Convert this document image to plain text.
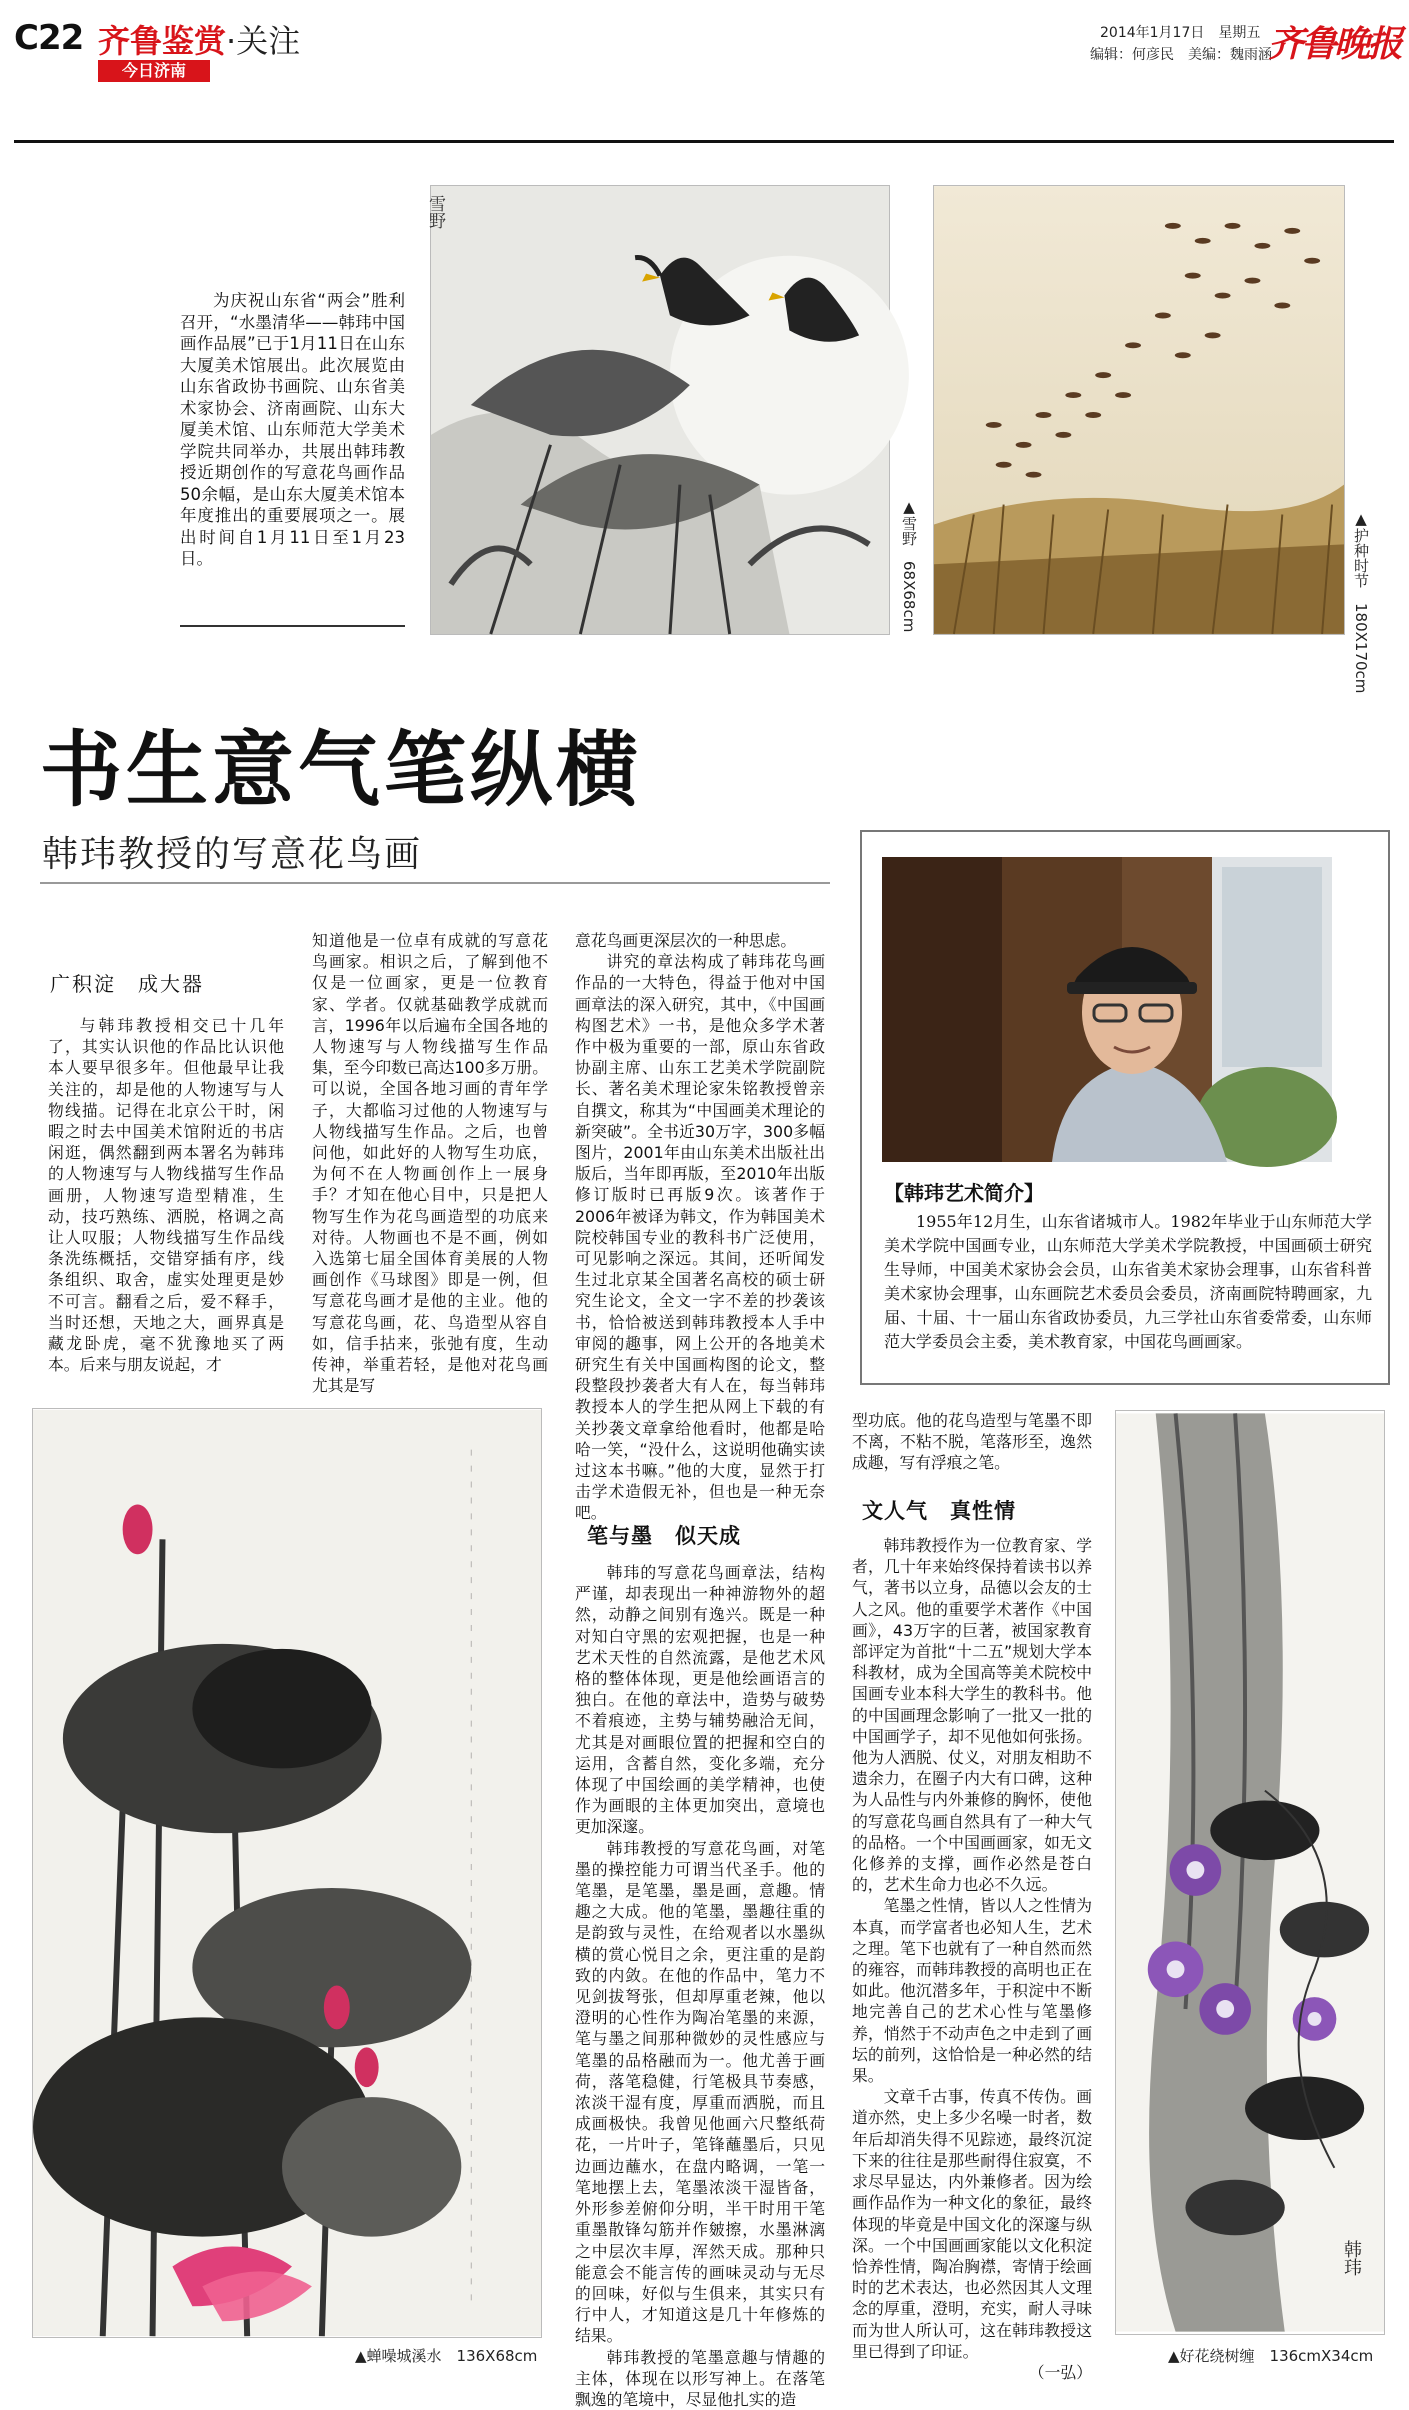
C22 齐鲁鉴赏·关注
今日济南
2014年1月17日　星期五
编辑：何彦民　美编：魏雨涵
齐鲁晚报
为庆祝山东省“两会”胜利召开，“水墨清华——韩玮中国画作品展”已于1月11日在山东大厦美术馆展出。此次展览由山东省政协书画院、山东省美术家协会、济南画院、山东大厦美术馆、山东师范大学美术学院共同举办，共展出韩玮教授近期创作的写意花鸟画作品50余幅，是山东大厦美术馆本年度推出的重要展项之一。展出时间自1月11日至1月23日。
雪野
▲雪野　68X68cm	▲护种时节　180X170cm
书生意气笔纵横
韩玮教授的写意花鸟画
【韩玮艺术简介】
1955年12月生，山东省诸城市人。1982年毕业于山东师范大学美术学院中国画专业，山东师范大学美术学院教授，中国画硕士研究生导师，中国美术家协会会员，山东省美术家协会理事，山东省科普美术家协会理事，山东画院艺术委员会委员，济南画院特聘画家，九届、十届、十一届山东省政协委员，九三学社山东省委常委，山东师范大学委员会主委，美术教育家，中国花鸟画画家。
广积淀　成大器

与韩玮教授相交已十几年了，其实认识他的作品比认识他本人要早很多年。但他最早让我关注的，却是他的人物速写与人物线描。记得在北京公干时，闲暇之时去中国美术馆附近的书店闲逛，偶然翻到两本署名为韩玮的人物速写与人物线描写生作品画册，人物速写造型精准，生动，技巧熟练、洒脱，格调之高让人叹服；人物线描写生作品线条洗练概括，交错穿插有序，线条组织、取舍，虚实处理更是妙不可言。翻看之后，爱不释手，当时还想，天地之大，画界真是藏龙卧虎，毫不犹豫地买了两本。后来与朋友说起，才

知道他是一位卓有成就的写意花鸟画家。相识之后，了解到他不仅是一位画家，更是一位教育家、学者。仅就基础教学成就而言，1996年以后遍布全国各地的人物速写与人物线描写生作品集，至今印数已高达100多万册。可以说，全国各地习画的青年学子，大都临习过他的人物速写与人物线描写生作品。之后，也曾问他，如此好的人物写生功底，为何不在人物画创作上一展身手？才知在他心目中，只是把人物写生作为花鸟画造型的功底来对待。人物画也不是不画，例如入选第七届全国体育美展的人物画创作《马球图》即是一例，但写意花鸟画才是他的主业。他的写意花鸟画，花、鸟造型从容自如，信手拈来，张弛有度，生动传神，举重若轻，是他对花鸟画尤其是写

意花鸟画更深层次的一种思虑。

讲究的章法构成了韩玮花鸟画作品的一大特色，得益于他对中国画章法的深入研究，其中，《中国画构图艺术》一书，是他众多学术著作中极为重要的一部，原山东省政协副主席、山东工艺美术学院副院长、著名美术理论家朱铭教授曾亲自撰文，称其为“中国画美术理论的新突破”。全书近30万字，300多幅图片，2001年由山东美术出版社出版后，当年即再版，至2010年出版修订版时已再版9次。该著作于2006年被译为韩文，作为韩国美术院校韩国专业的教科书广泛使用，可见影响之深远。其间，还听闻发生过北京某全国著名高校的硕士研究生论文，全文一字不差的抄袭该书，恰恰被送到韩玮教授本人手中审阅的趣事，网上公开的各地美术研究生有关中国画构图的论文，整段整段抄袭者大有人在，每当韩玮教授本人的学生把从网上下载的有关抄袭文章拿给他看时，他都是哈哈一笑，“没什么，这说明他确实读过这本书嘛。”他的大度，显然于打击学术造假无补，但也是一种无奈吧。

笔与墨　似天成

韩玮的写意花鸟画章法，结构严谨，却表现出一种神游物外的超然，动静之间别有逸兴。既是一种对知白守黑的宏观把握，也是一种艺术天性的自然流露，是他艺术风格的整体体现，更是他绘画语言的独白。在他的章法中，造势与破势不着痕迹，主势与辅势融洽无间，尤其是对画眼位置的把握和空白的运用，含蓄自然，变化多端，充分体现了中国绘画的美学精神，也使作为画眼的主体更加突出，意境也更加深邃。

韩玮教授的写意花鸟画，对笔墨的操控能力可谓当代圣手。他的笔墨，是笔墨，墨是画，意趣。情趣之大成。他的笔墨，墨趣往重的是韵致与灵性，在给观者以水墨纵横的赏心悦目之余，更注重的是韵致的内敛。在他的作品中，笔力不见剑拔弩张，但却厚重老辣，他以澄明的心性作为陶冶笔墨的来源，笔与墨之间那种微妙的灵性感应与笔墨的品格融而为一。他尤善于画荷，落笔稳健，行笔极具节奏感，浓淡干湿有度，厚重而洒脱，而且成画极快。我曾见他画六尺整纸荷花，一片叶子，笔锋蘸墨后，只见边画边蘸水，在盘内略调，一笔一笔地摆上去，笔墨浓淡干湿皆备，外形参差俯仰分明，半干时用干笔重墨散锋勾筋并作皴擦，水墨淋漓之中层次丰厚，浑然天成。那种只能意会不能言传的画味灵动与无尽的回味，好似与生俱来，其实只有行中人，才知道这是几十年修炼的结果。

韩玮教授的笔墨意趣与情趣的主体，体现在以形写神上。在落笔飘逸的笔境中，尽显他扎实的造

▲蝉噪城溪水　136X68cm

型功底。他的花鸟造型与笔墨不即不离，不粘不脱，笔落形至，逸然成趣，写有浮痕之笔。

文人气　真性情

韩玮教授作为一位教育家、学者，几十年来始终保持着读书以养气，著书以立身，品德以会友的士人之风。他的重要学术著作《中国画》，43万字的巨著，被国家教育部评定为首批“十二五”规划大学本科教材，成为全国高等美术院校中国画专业本科大学生的教科书。他的中国画理念影响了一批又一批的中国画学子，却不见他如何张扬。他为人洒脱、仗义，对朋友相助不遗余力，在圈子内大有口碑，这种为人品性与内外兼修的胸怀，使他的写意花鸟画自然具有了一种大气的品格。一个中国画画家，如无文化修养的支撑，画作必然是苍白的，艺术生命力也必不久远。

笔墨之性情，皆以人之性情为本真，而学富者也必知人生，艺术之理。笔下也就有了一种自然而然的雍容，而韩玮教授的高明也正在如此。他沉潜多年，于积淀中不断地完善自己的艺术心性与笔墨修养，悄然于不动声色之中走到了画坛的前列，这恰恰是一种必然的结果。

文章千古事，传真不传伪。画道亦然，史上多少名噪一时者，数年后却消失得不见踪迹，最终沉淀下来的往往是那些耐得住寂寞，不求尽早显达，内外兼修者。因为绘画作品作为一种文化的象征，最终体现的毕竟是中国文化的深邃与纵深。一个中国画画家能以文化积淀恰养性情，陶冶胸襟，寄情于绘画时的艺术表达，也必然因其人文理念的厚重，澄明，充实，耐人寻味而为世人所认可，这在韩玮教授这里已得到了印证。

（一弘）

韩玮
▲好花绕树缠　136cmX34cm
